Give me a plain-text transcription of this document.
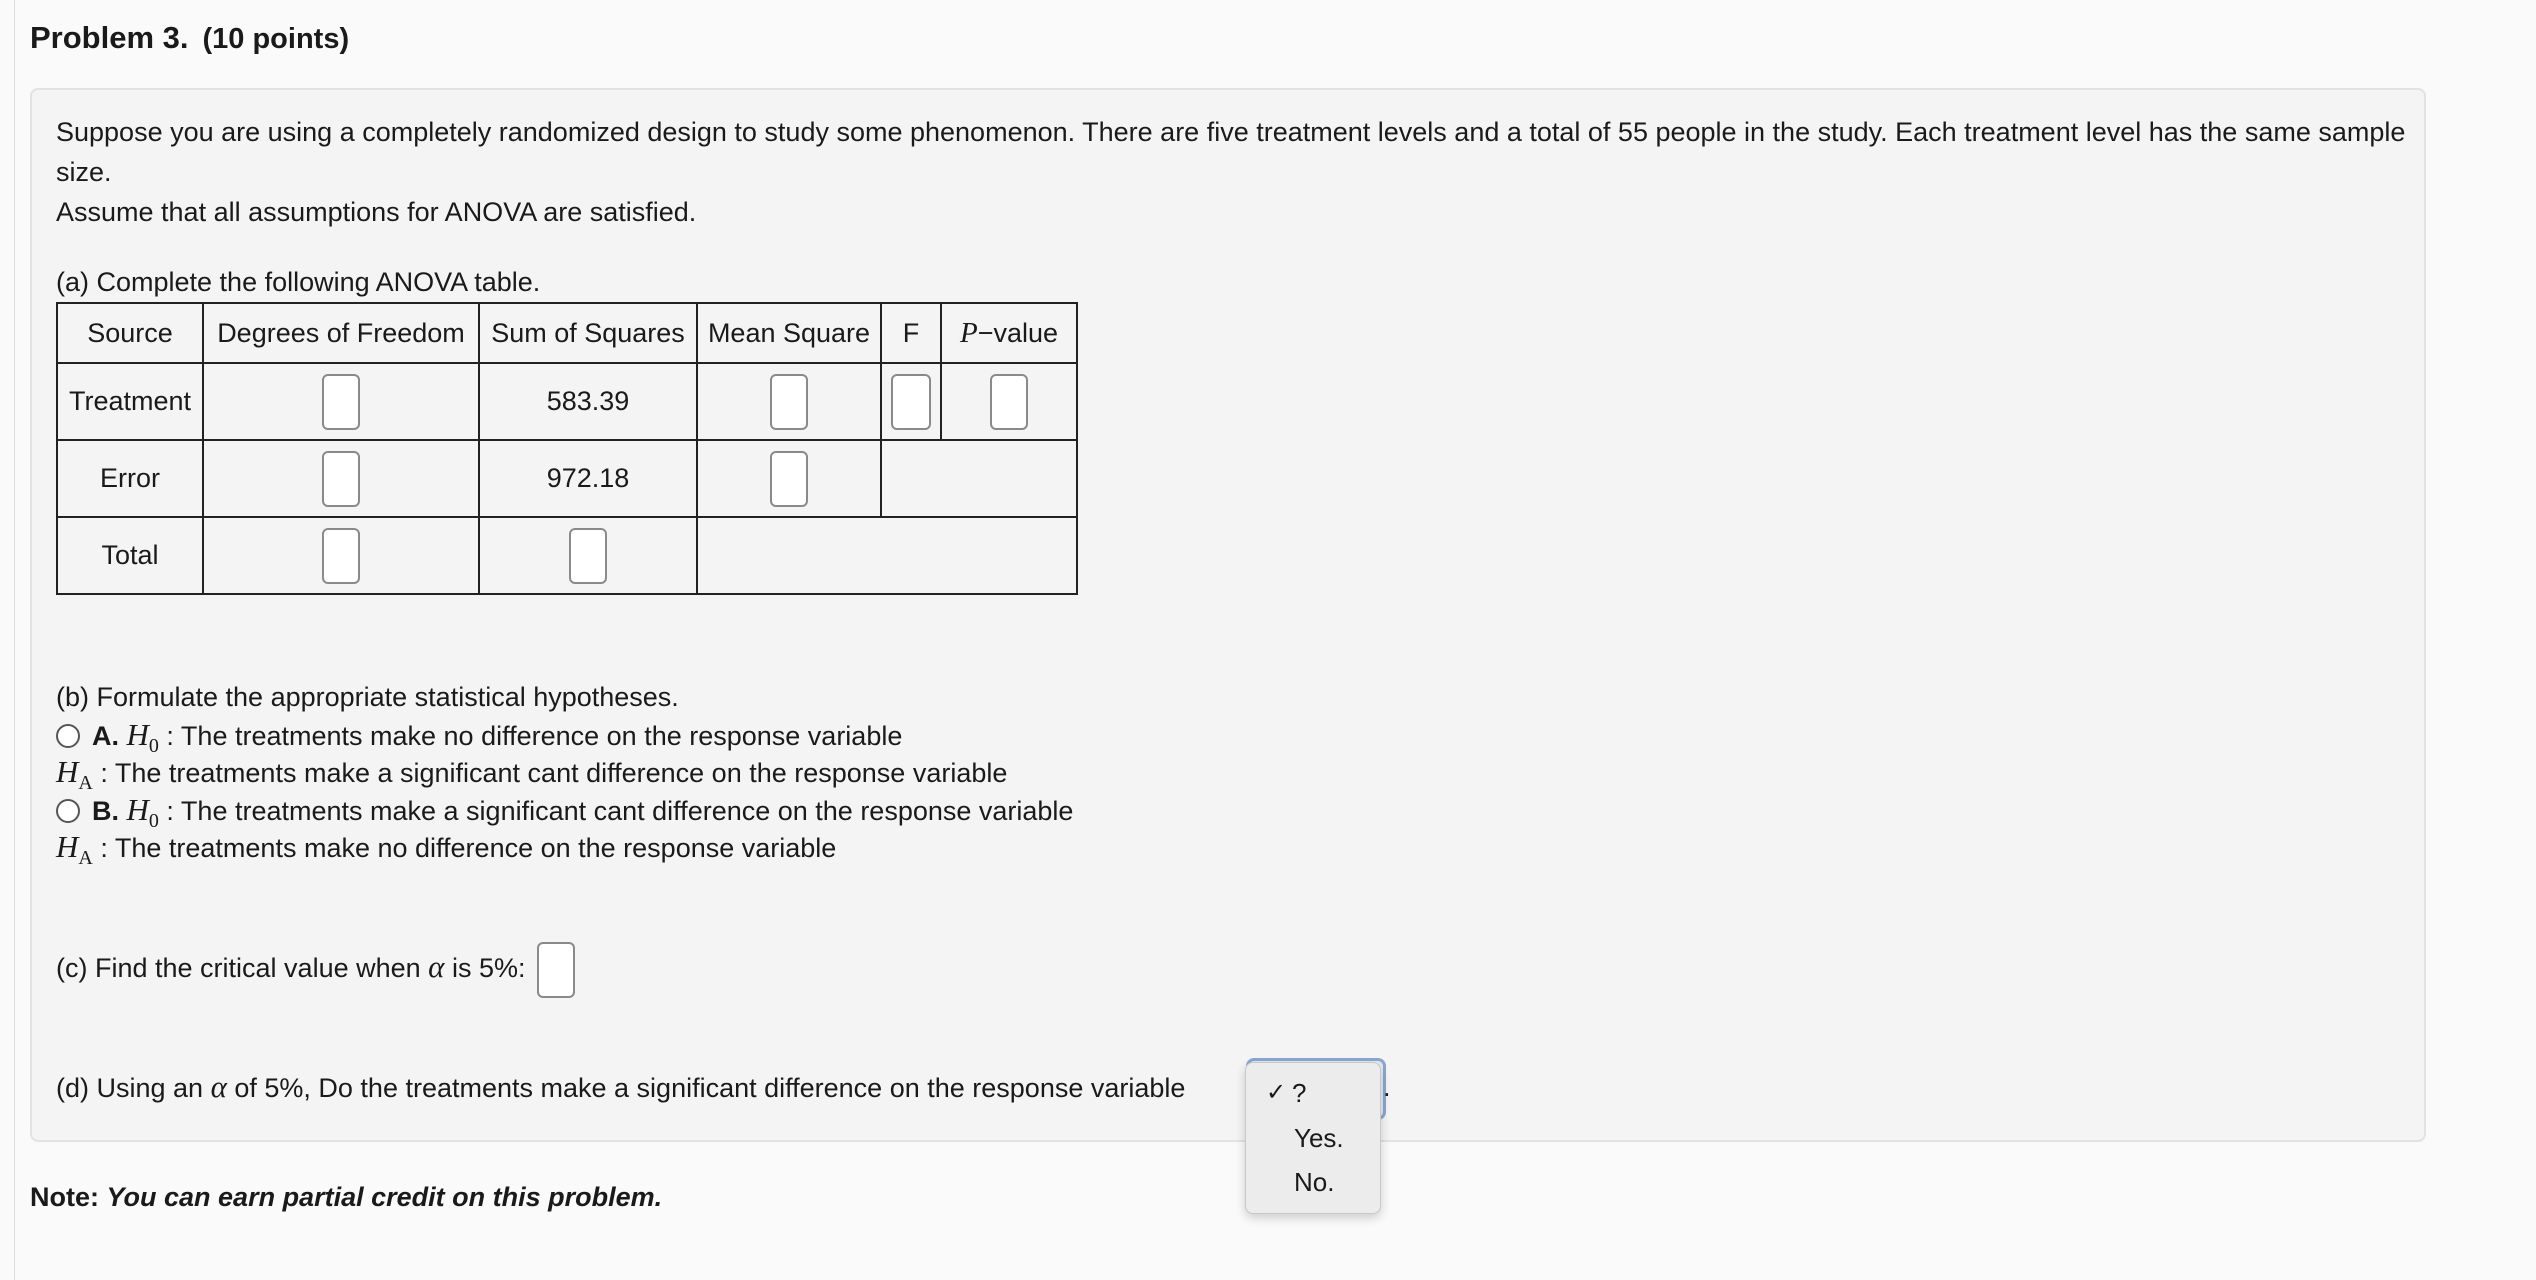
Problem 3. (10 points)
Suppose you are using a completely randomized design to study some phenomenon. There are five treatment levels and a total of 55 people in the study. Each treatment level has the same sample size.
Assume that all assumptions for ANOVA are satisfied.
(a) Complete the following ANOVA table.
Source	Degrees of Freedom	Sum of Squares	Mean Square	F	P−value
Treatment		583.39			
Error		972.18			
Total					
(b) Formulate the appropriate statistical hypotheses.
A. $H_0$ : The treatments make no difference on the response variable
$H_A$ : The treatments make a significant cant difference on the response variable
B. $H_0$ : The treatments make a significant cant difference on the response variable
$H_A$ : The treatments make no difference on the response variable
(c) Find the critical value when α is 5%:
(d) Using an α of 5%, Do the treatments make a significant difference on the response variable	.
✓ ?
Yes.
No.
Note: You can earn partial credit on this problem.
